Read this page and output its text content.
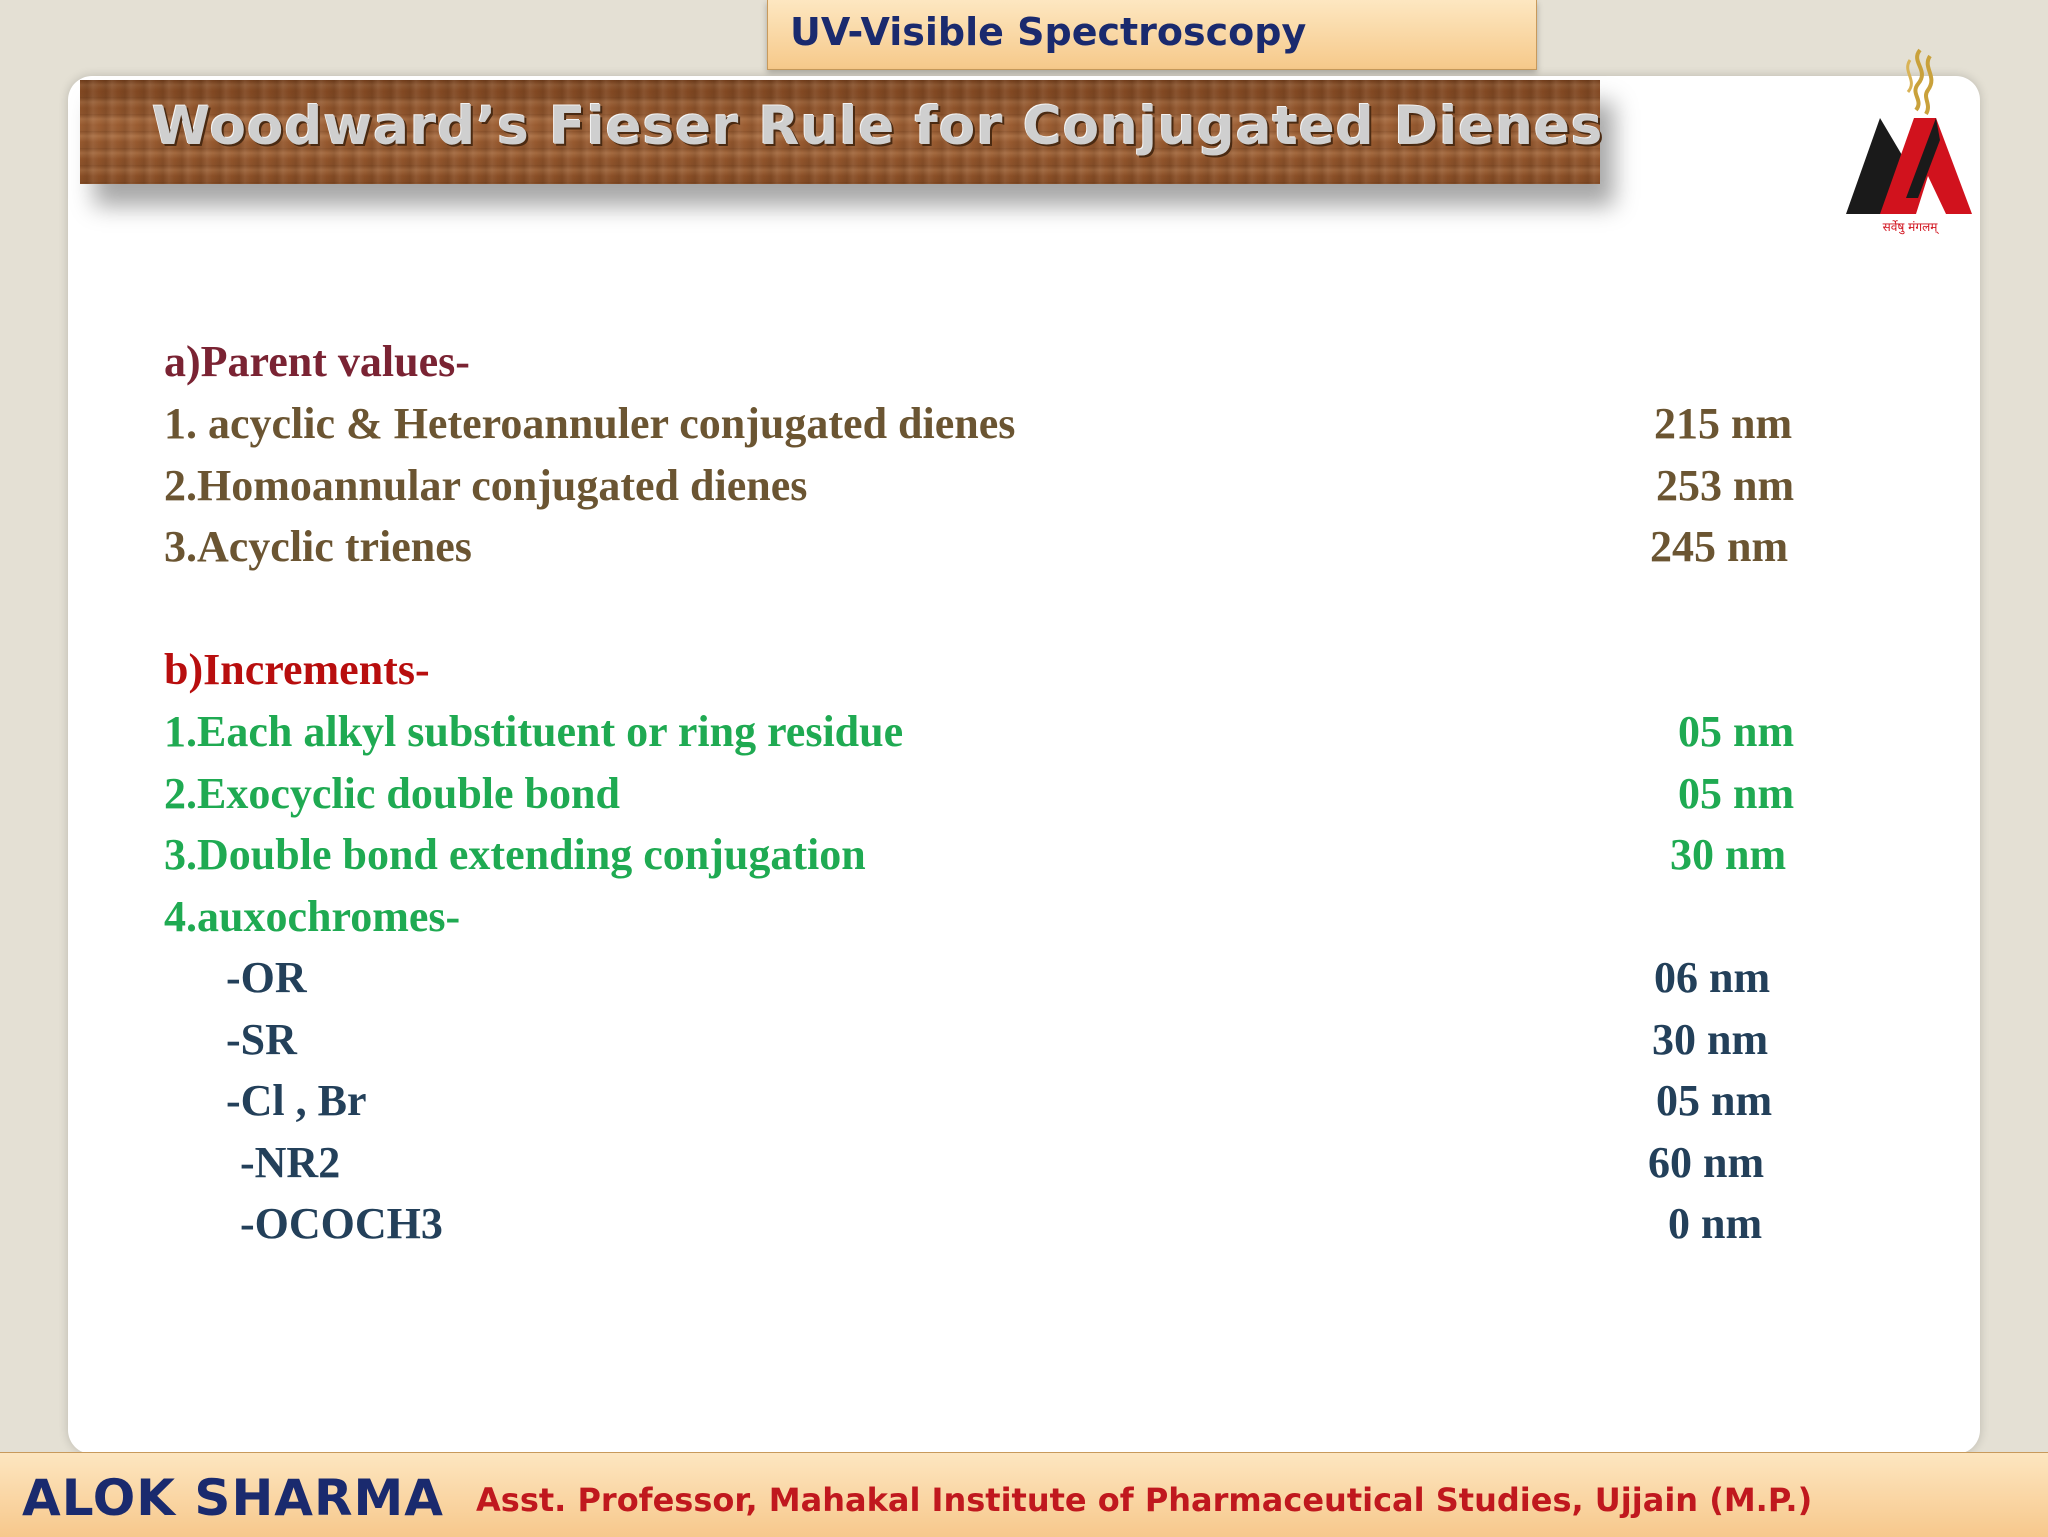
UV-Visible Spectroscopy
Woodward’s Fieser Rule for Conjugated Dienes
सर्वेषु मंगलम्
a)Parent values-
1. acyclic & Heteroannuler conjugated dienes	215 nm
2.Homoannular conjugated dienes	253 nm
3.Acyclic trienes	245 nm
b)Increments-
1.Each alkyl substituent or ring residue	05 nm
2.Exocyclic double bond	05 nm
3.Double bond extending conjugation	30 nm
4.auxochromes-
-OR	06 nm
-SR	30 nm
-Cl , Br	05 nm
-NR2	60 nm
-OCOCH3	0 nm
ALOK SHARMA Asst. Professor, Mahakal Institute of Pharmaceutical Studies, Ujjain (M.P.)
